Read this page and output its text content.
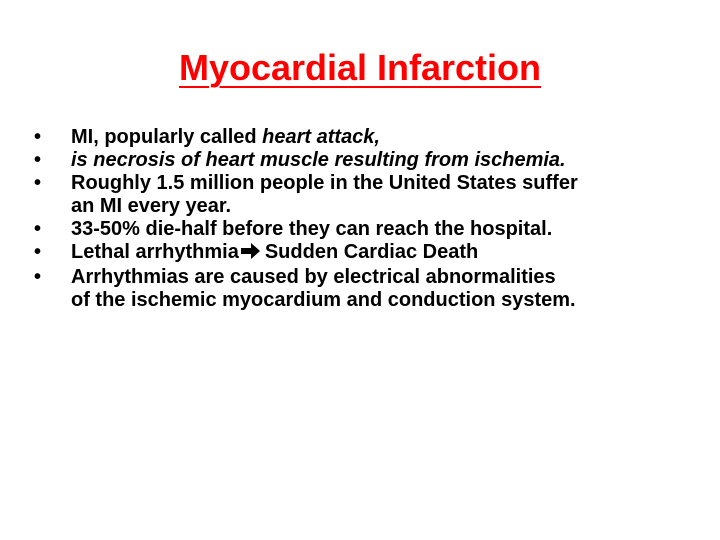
Myocardial Infarction
•	MI, popularly called heart attack,
•	is necrosis of heart muscle resulting from ischemia.
•	Roughly 1.5 million people in the United States suffer
an MI every year.
•	33-50% die-half before they can reach the hospital.
•	Lethal arrhythmia Sudden Cardiac Death
•	Arrhythmias are caused by electrical abnormalities
of the ischemic myocardium and conduction system.
